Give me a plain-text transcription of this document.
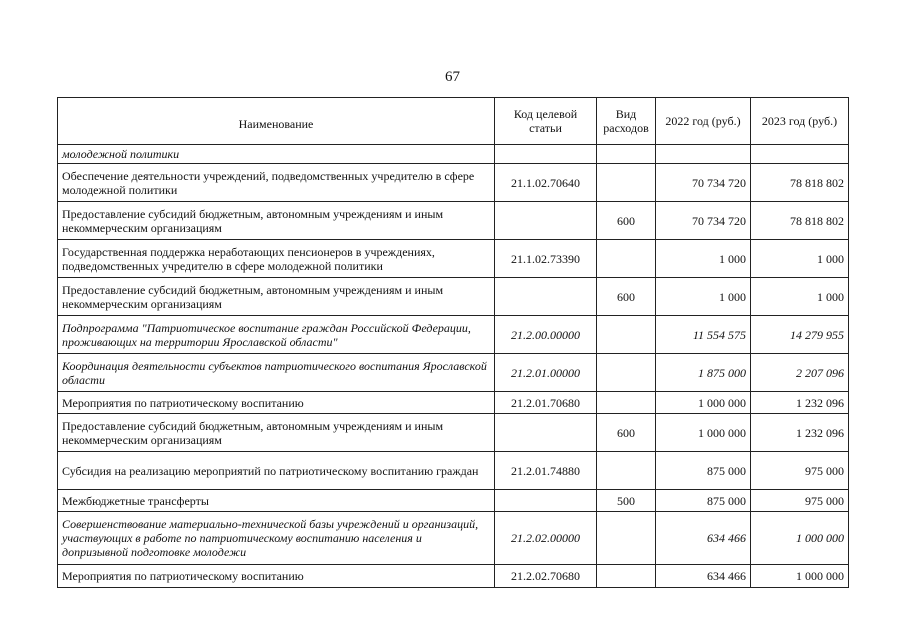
67
Наименование	Код целевой статьи	Вид расходов	2022 год (руб.)	2023 год (руб.)
молодежной политики				
Обеспечение деятельности учреждений, подведомственных учредителю в сфере молодежной политики	21.1.02.70640		70 734 720	78 818 802
Предоставление субсидий бюджетным, автономным учреждениям и иным некоммерческим организациям		600	70 734 720	78 818 802
Государственная поддержка неработающих пенсионеров в учреждениях, подведомственных учредителю в сфере молодежной политики	21.1.02.73390		1 000	1 000
Предоставление субсидий бюджетным, автономным учреждениям и иным некоммерческим организациям		600	1 000	1 000
Подпрограмма "Патриотическое воспитание граждан Российской Федерации, проживающих на территории Ярославской области"	21.2.00.00000		11 554 575	14 279 955
Координация деятельности субъектов патриотического воспитания Ярославской области	21.2.01.00000		1 875 000	2 207 096
Мероприятия по патриотическому воспитанию	21.2.01.70680		1 000 000	1 232 096
Предоставление субсидий бюджетным, автономным учреждениям и иным некоммерческим организациям		600	1 000 000	1 232 096
Субсидия на реализацию мероприятий по патриотическому воспитанию граждан	21.2.01.74880		875 000	975 000
Межбюджетные трансферты		500	875 000	975 000
Совершенствование материально-технической базы учреждений и организаций, участвующих в работе по патриотическому воспитанию населения и допризывной подготовке молодежи	21.2.02.00000		634 466	1 000 000
Мероприятия по патриотическому воспитанию	21.2.02.70680		634 466	1 000 000
